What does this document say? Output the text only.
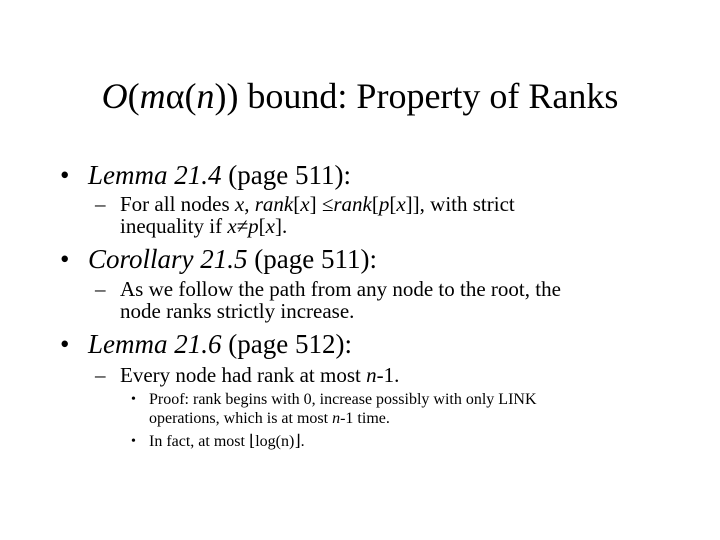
O(mα(n)) bound: Property of Ranks
• Lemma 21.4 (page 511):
– For all nodes x, rank[x] ≤rank[p[x]], with strict
inequality if x≠p[x].
• Corollary 21.5 (page 511):
– As we follow the path from any node to the root, the
node ranks strictly increase.
• Lemma 21.6 (page 512):
– Every node had rank at most n-1.
• Proof: rank begins with 0, increase possibly with only LINK
operations, which is at most n-1 time.
• In fact, at most ⌊log(n)⌋.
